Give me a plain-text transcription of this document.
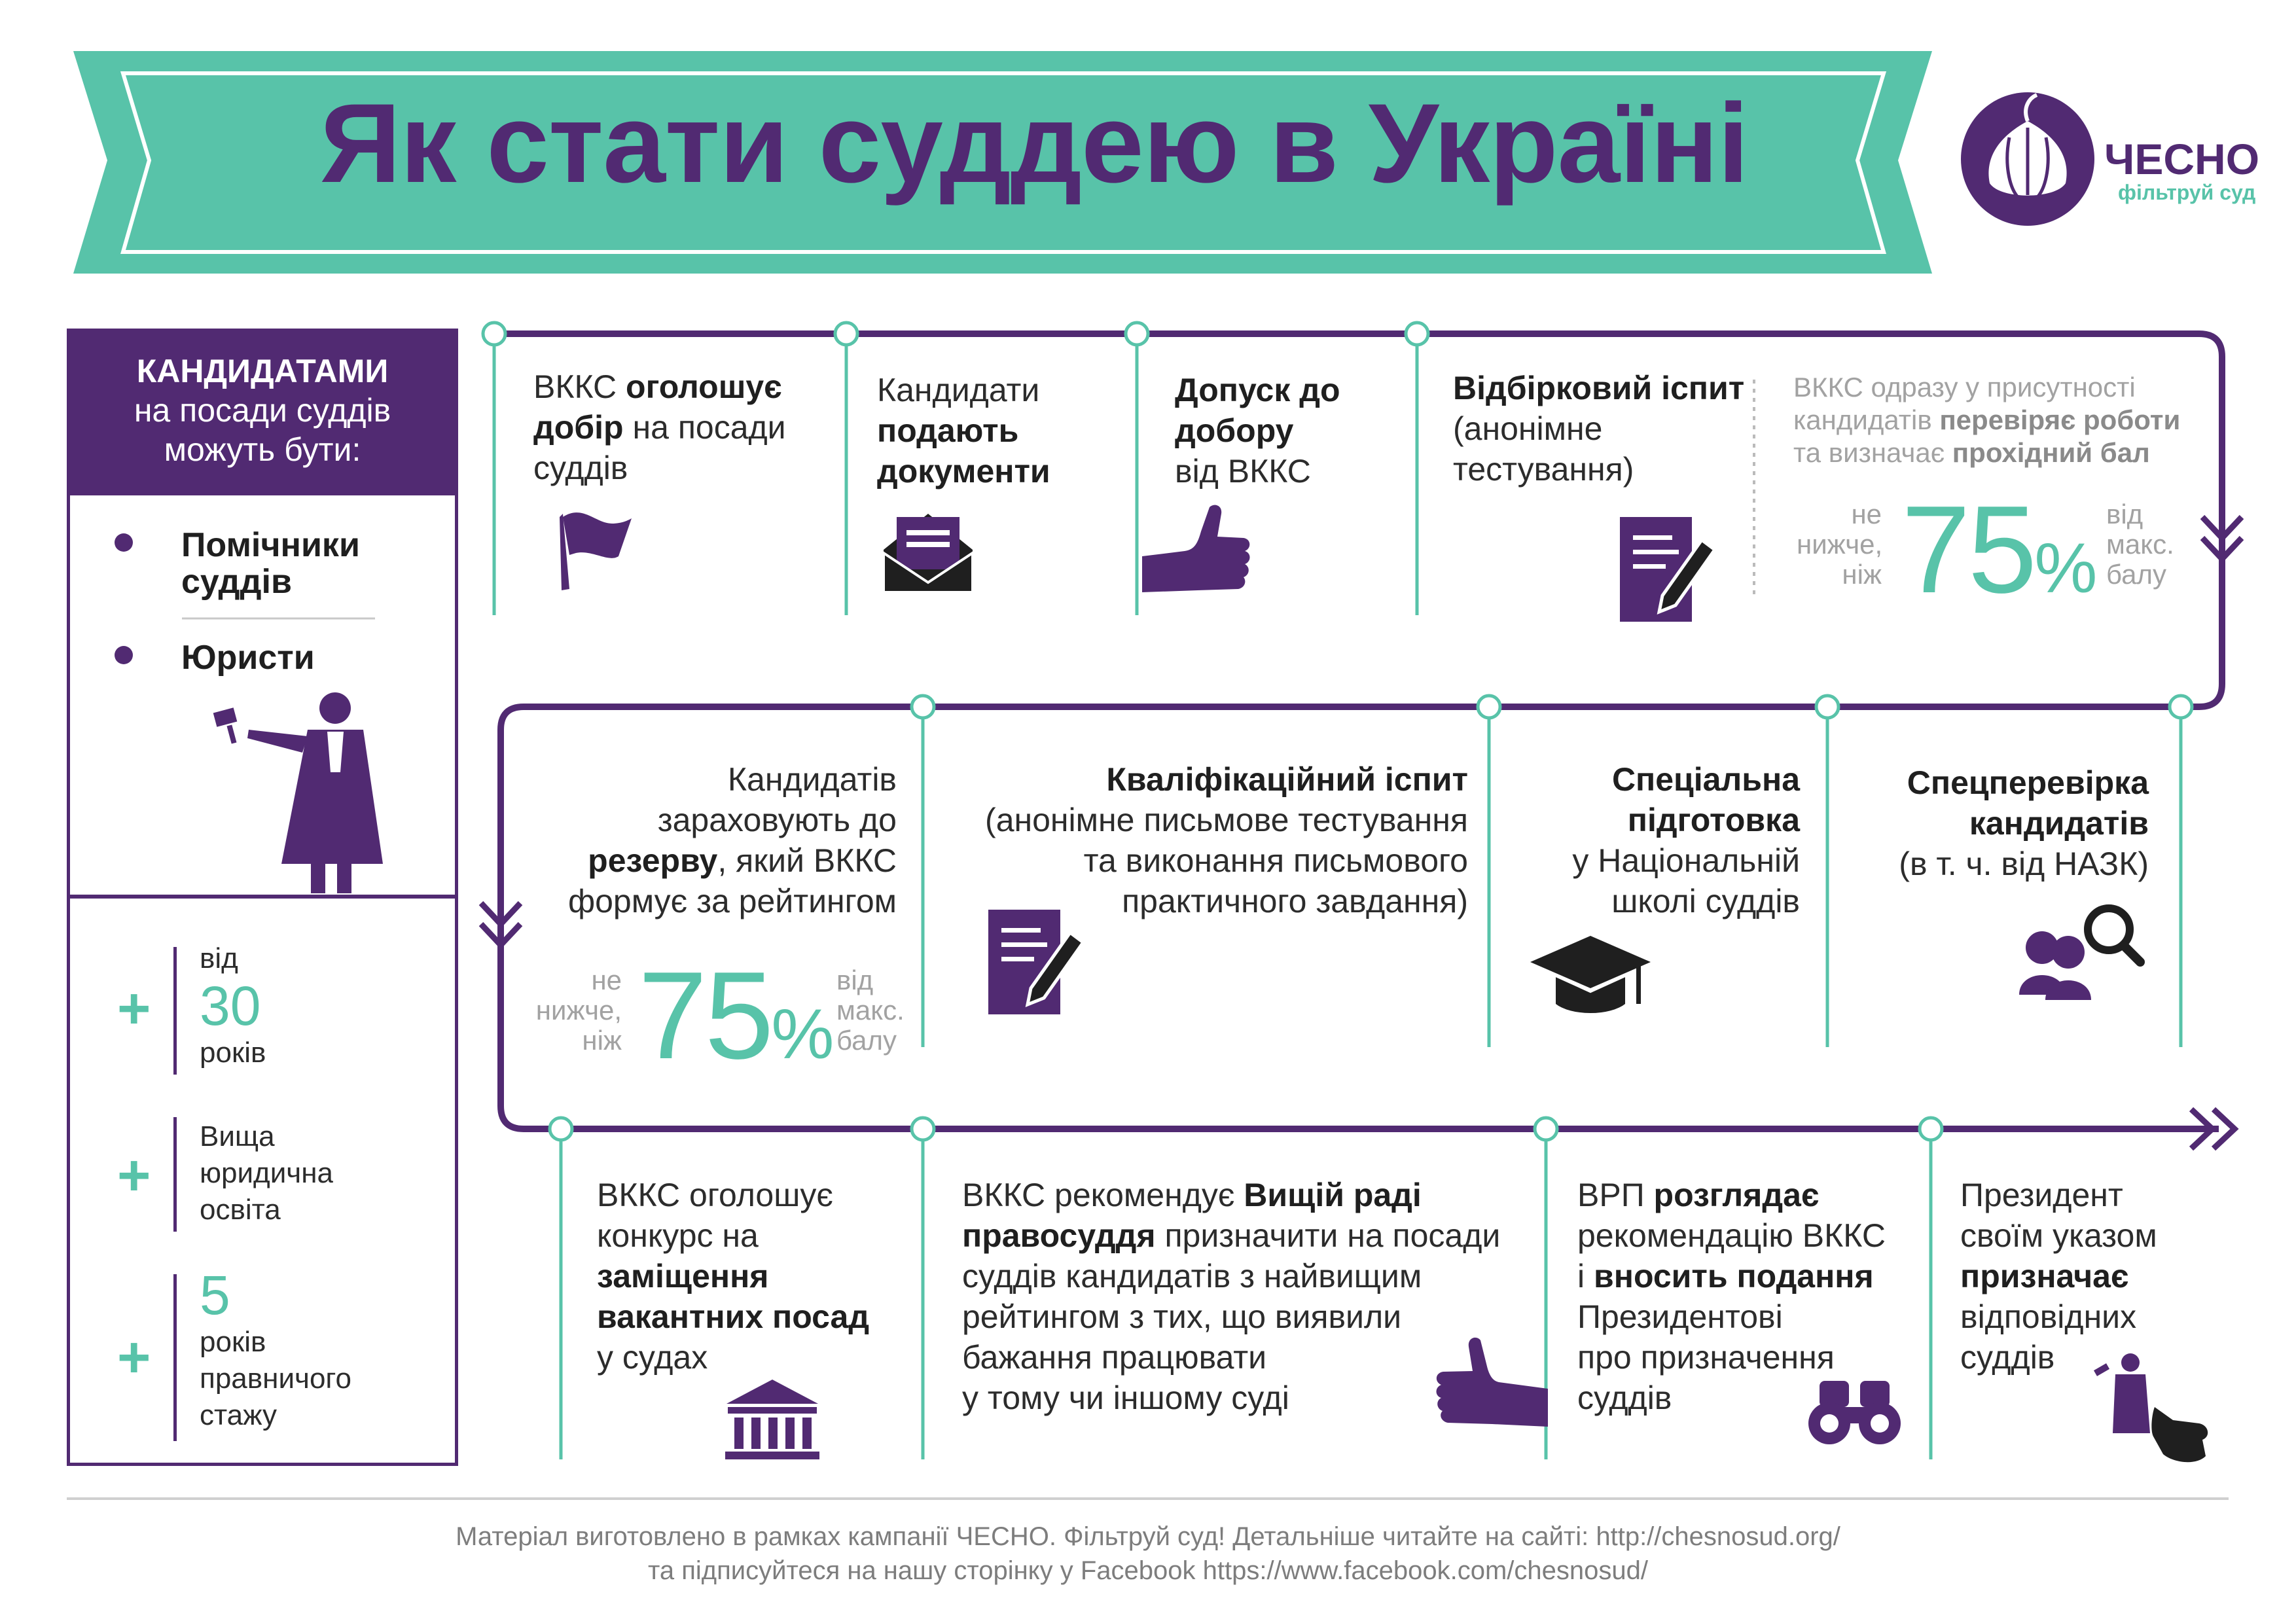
Як стати суддею в Україні	ЧЕСНО
фільтруй суд
КАНДИДАТАМИ
на посади суддів
можуть бути:
Помічники
суддів
Юристи
+
від
30
років
+
Вища
юридична
освіта
+
5
років
правничого
стажу
ВККС оголошує
добір на посади
суддів
Кандидати
подають
документи
Допуск до
добору
від ВККС
Відбірковий іспит
(анонімне
тестування)
ВККС одразу у присутності
кандидатів перевіряє роботи
та визначає прохідний бал
не
нижче,
ніж 75%
від
макс.
балу
Спецперевірка
кандидатів
(в т. ч. від НАЗК)
Спеціальна
підготовка
у Національній
школі суддів
Кваліфікаційний іспит
(анонімне письмове тестування
та виконання письмового
практичного завдання)
Кандидатів
зараховують до
резерву, який ВККС
формує за рейтингом
не
нижче,
ніж 75%
від
макс.
балу
ВККС оголошує
конкурс на
заміщення
вакантних посад
у судах
ВККС рекомендує Вищій раді
правосуддя призначити на посади
суддів кандидатів з найвищим
рейтингом з тих, що виявили
бажання працювати
у тому чи іншому суді
ВРП розглядає
рекомендацію ВККС
і вносить подання
Президентові
про призначення
суддів
Президент
своїм указом
призначає
відповідних
суддів
Матеріал виготовлено в рамках кампанії ЧЕСНО. Фільтруй суд! Детальніше читайте на сайті: http://chesnosud.org/
та підписуйтеся на нашу сторінку у Facebook https://www.facebook.com/chesnosud/
